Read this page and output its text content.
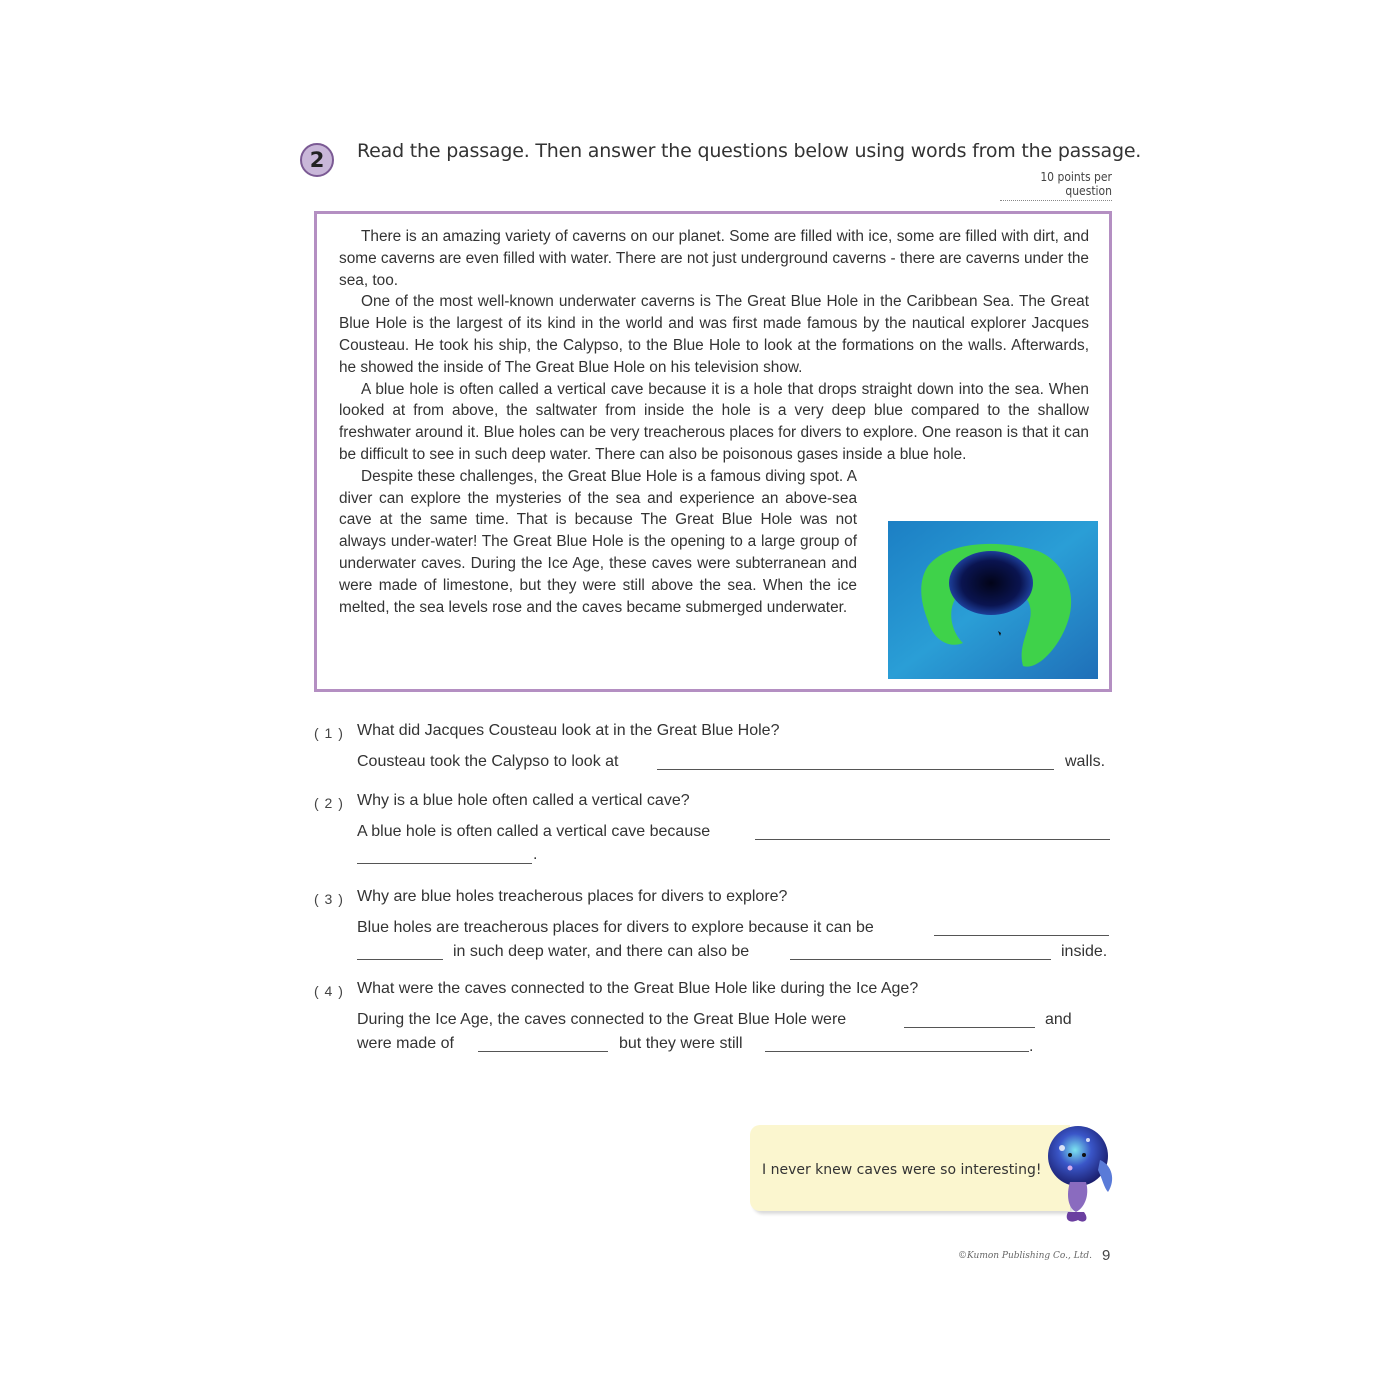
2	Read the passage. Then answer the questions below using words from the passage.
10 points per question

There is an amazing variety of caverns on our planet. Some are filled with ice, some are filled with dirt, and some caverns are even filled with water. There are not just underground caverns - there are caverns under the sea, too.

One of the most well-known underwater caverns is The Great Blue Hole in the Caribbean Sea. The Great Blue Hole is the largest of its kind in the world and was first made famous by the nautical explorer Jacques Cousteau. He took his ship, the Calypso, to the Blue Hole to look at the formations on the walls. Afterwards, he showed the inside of The Great Blue Hole on his television show.

A blue hole is often called a vertical cave because it is a hole that drops straight down into the sea. When looked at from above, the saltwater from inside the hole is a very deep blue compared to the shallow freshwater around it. Blue holes can be very treacherous places for divers to explore. One reason is that it can be difficult to see in such deep water. There can also be poisonous gases inside a blue hole.

Despite these challenges, the Great Blue Hole is a famous diving spot. A diver can explore the mysteries of the sea and experience an above-sea cave at the same time. That is because The Great Blue Hole was not always under-water! The Great Blue Hole is the opening to a large group of underwater caves. During the Ice Age, these caves were subterranean and were made of limestone, but they were still above the sea. When the ice melted, the sea levels rose and the caves became submerged underwater.

( 1 ) What did Jacques Cousteau look at in the Great Blue Hole?
Cousteau took the Calypso to look at	walls.
( 2 ) Why is a blue hole often called a vertical cave?
A blue hole is often called a vertical cave because
.
( 3 ) Why are blue holes treacherous places for divers to explore?
Blue holes are treacherous places for divers to explore because it can be
in such deep water, and there can also be	inside.
( 4 ) What were the caves connected to the Great Blue Hole like during the Ice Age?
During the Ice Age, the caves connected to the Great Blue Hole were	and
were made of	but they were still	.
I never knew caves were so interesting!
©Kumon Publishing Co., Ltd. 9
